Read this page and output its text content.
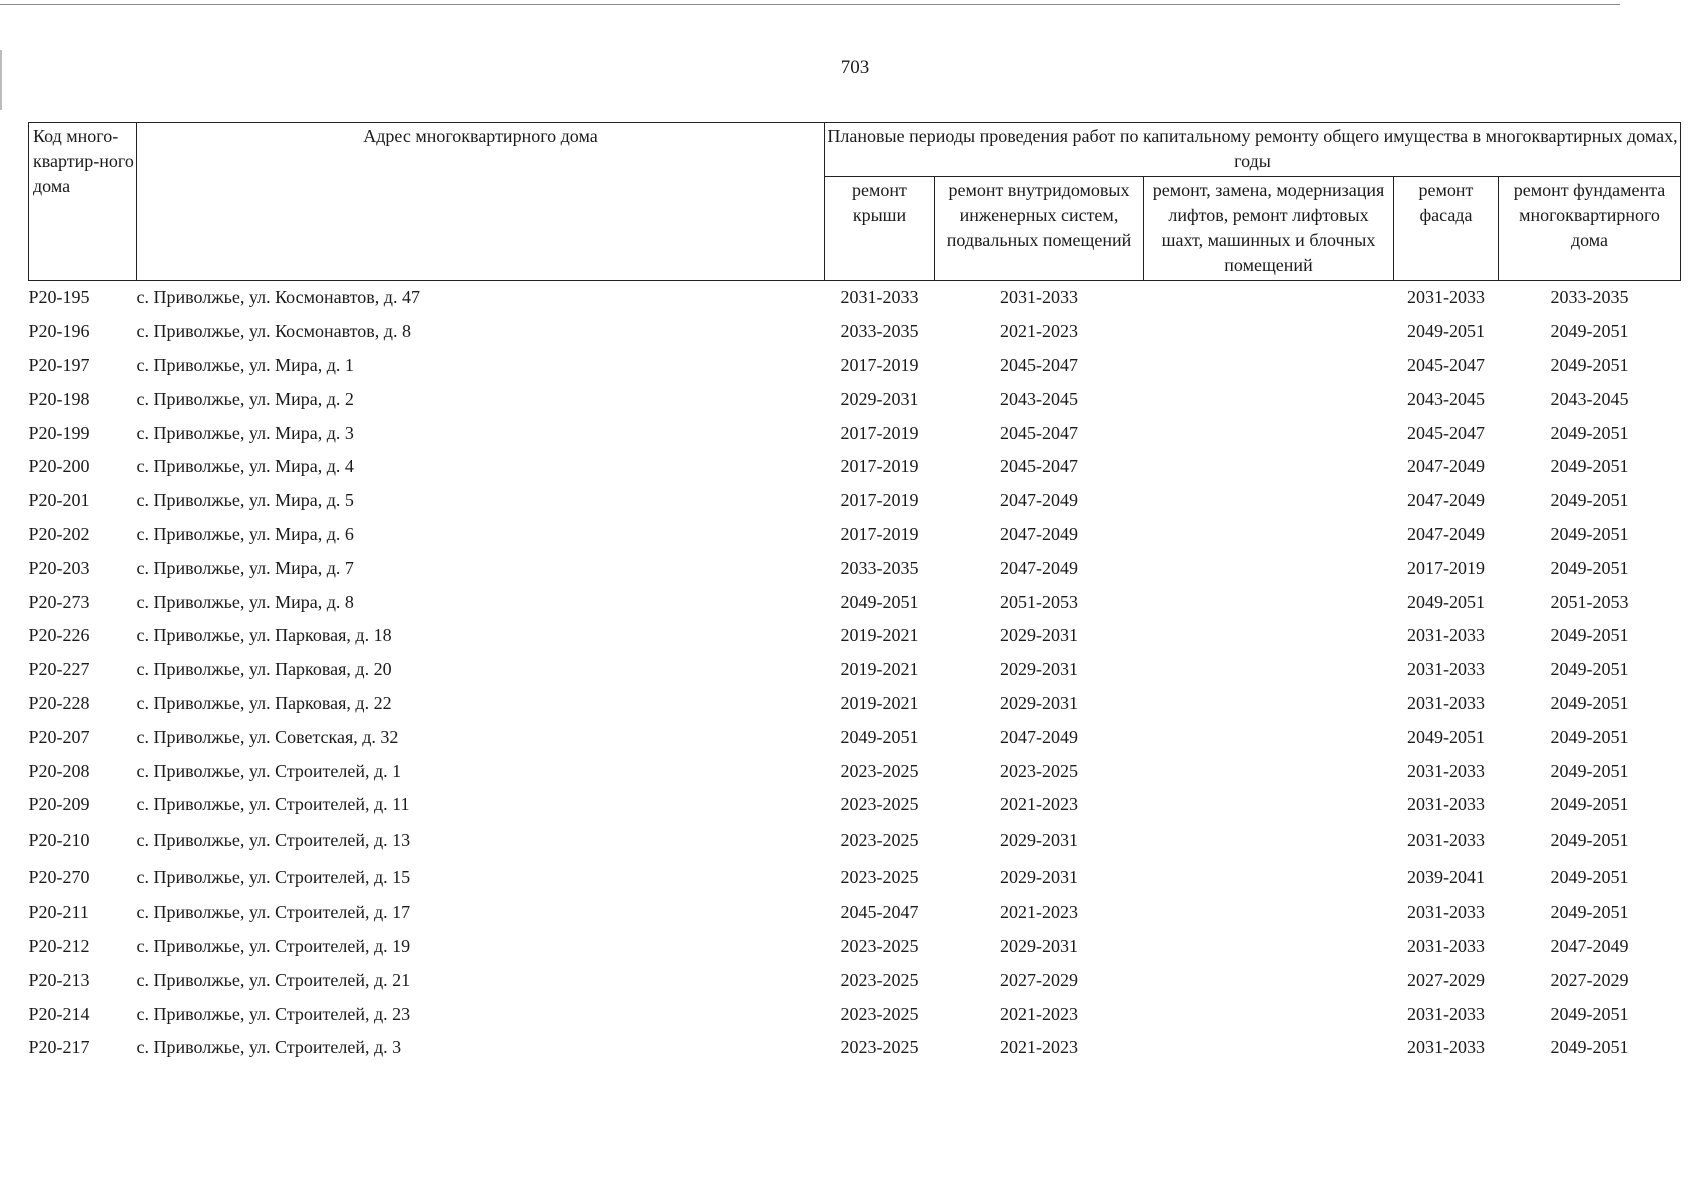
703
Код много-квартир-ного дома	Адрес многоквартирного дома	Плановые периоды проведения работ по капитальному ремонту общего имущества в многоквартирных домах, годы				
		ремонт крыши	ремонт внутридомовых инженерных систем, подвальных помещений	ремонт, замена, модернизация лифтов, ремонт лифтовых шахт, машинных и блочных помещений	ремонт фасада	ремонт фундамента многоквартирного дома
Р20-195	с. Приволжье, ул. Космонавтов, д. 47	2031-2033	2031-2033		2031-2033	2033-2035
Р20-196	с. Приволжье, ул. Космонавтов, д. 8	2033-2035	2021-2023		2049-2051	2049-2051
Р20-197	с. Приволжье, ул. Мира, д. 1	2017-2019	2045-2047		2045-2047	2049-2051
Р20-198	с. Приволжье, ул. Мира, д. 2	2029-2031	2043-2045		2043-2045	2043-2045
Р20-199	с. Приволжье, ул. Мира, д. 3	2017-2019	2045-2047		2045-2047	2049-2051
Р20-200	с. Приволжье, ул. Мира, д. 4	2017-2019	2045-2047		2047-2049	2049-2051
Р20-201	с. Приволжье, ул. Мира, д. 5	2017-2019	2047-2049		2047-2049	2049-2051
Р20-202	с. Приволжье, ул. Мира, д. 6	2017-2019	2047-2049		2047-2049	2049-2051
Р20-203	с. Приволжье, ул. Мира, д. 7	2033-2035	2047-2049		2017-2019	2049-2051
Р20-273	с. Приволжье, ул. Мира, д. 8	2049-2051	2051-2053		2049-2051	2051-2053
Р20-226	с. Приволжье, ул. Парковая, д. 18	2019-2021	2029-2031		2031-2033	2049-2051
Р20-227	с. Приволжье, ул. Парковая, д. 20	2019-2021	2029-2031		2031-2033	2049-2051
Р20-228	с. Приволжье, ул. Парковая, д. 22	2019-2021	2029-2031		2031-2033	2049-2051
Р20-207	с. Приволжье, ул. Советская, д. 32	2049-2051	2047-2049		2049-2051	2049-2051
Р20-208	с. Приволжье, ул. Строителей, д. 1	2023-2025	2023-2025		2031-2033	2049-2051
Р20-209	с. Приволжье, ул. Строителей, д. 11	2023-2025	2021-2023		2031-2033	2049-2051
Р20-210	с. Приволжье, ул. Строителей, д. 13	2023-2025	2029-2031		2031-2033	2049-2051
Р20-270	с. Приволжье, ул. Строителей, д. 15	2023-2025	2029-2031		2039-2041	2049-2051
Р20-211	с. Приволжье, ул. Строителей, д. 17	2045-2047	2021-2023		2031-2033	2049-2051
Р20-212	с. Приволжье, ул. Строителей, д. 19	2023-2025	2029-2031		2031-2033	2047-2049
Р20-213	с. Приволжье, ул. Строителей, д. 21	2023-2025	2027-2029		2027-2029	2027-2029
Р20-214	с. Приволжье, ул. Строителей, д. 23	2023-2025	2021-2023		2031-2033	2049-2051
Р20-217	с. Приволжье, ул. Строителей, д. 3	2023-2025	2021-2023		2031-2033	2049-2051
